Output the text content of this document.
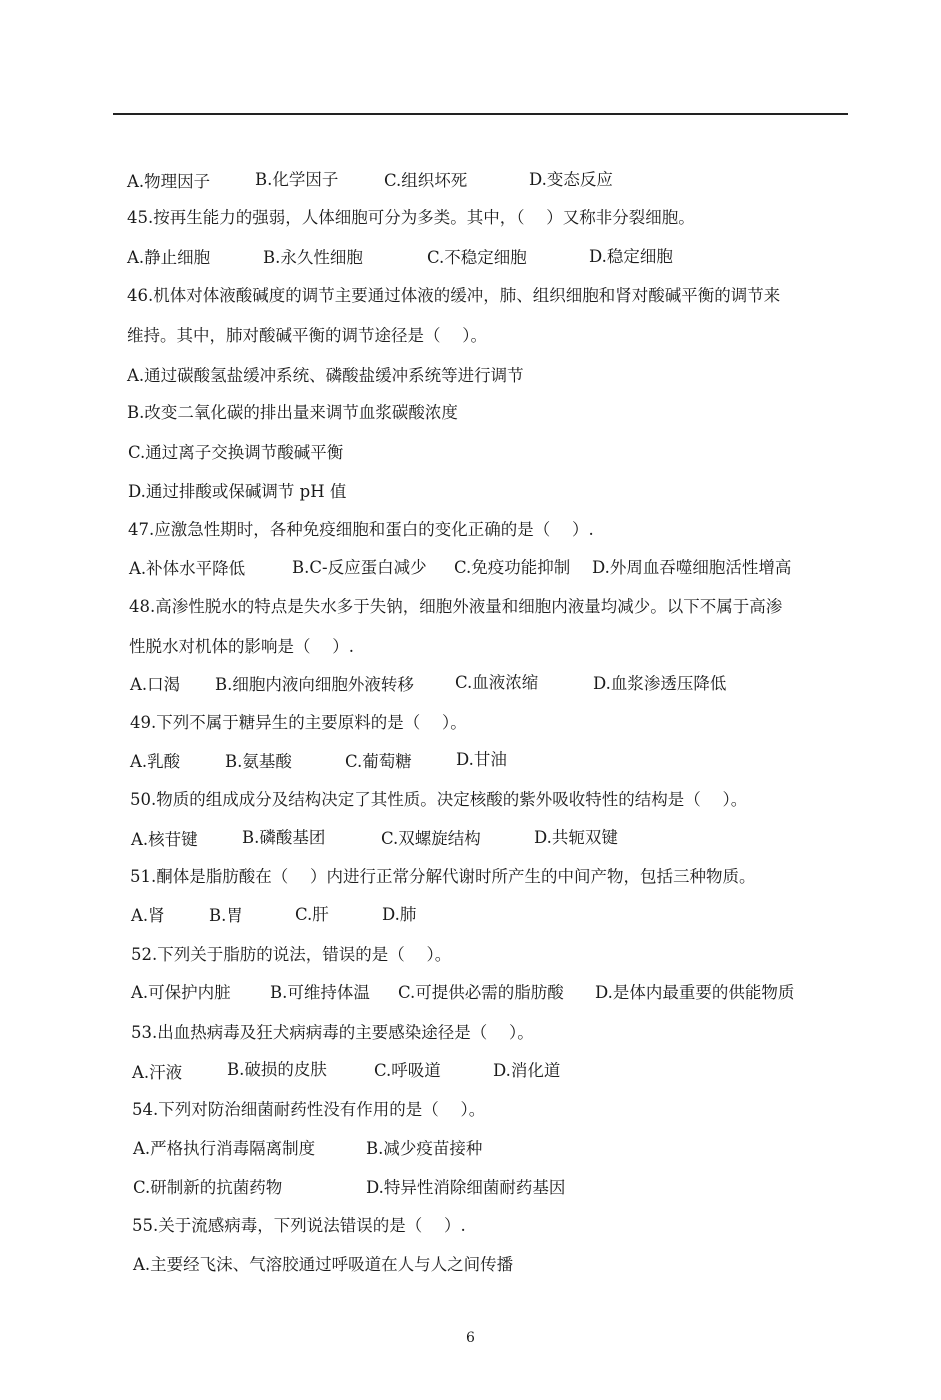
A.物理因子	B.化学因子	C.组织坏死	D.变态反应
45.按再生能力的强弱，人体细胞可分为多类。其中，（　 ）又称非分裂细胞。
A.静止细胞	B.永久性细胞	C.不稳定细胞	D.稳定细胞
46.机体对体液酸碱度的调节主要通过体液的缓冲，肺、组织细胞和肾对酸碱平衡的调节来
维持。其中，肺对酸碱平衡的调节途径是（　 ）。
A.通过碳酸氢盐缓冲系统、磷酸盐缓冲系统等进行调节
B.改变二氧化碳的排出量来调节血浆碳酸浓度
C.通过离子交换调节酸碱平衡
D.通过排酸或保碱调节 pH 值
47.应激急性期时，各种免疫细胞和蛋白的变化正确的是（　 ）.
A.补体水平降低	B.C-反应蛋白减少 C.免疫功能抑制 D.外周血吞噬细胞活性增高
48.高渗性脱水的特点是失水多于失钠，细胞外液量和细胞内液量均减少。以下不属于高渗
性脱水对机体的影响是（　 ）.
A.口渴 B.细胞内液向细胞外液转移 C.血液浓缩	D.血浆渗透压降低
49.下列不属于糖异生的主要原料的是（　 ）。
A.乳酸	B.氨基酸	C.葡萄糖	D.甘油
50.物质的组成成分及结构决定了其性质。决定核酸的紫外吸收特性的结构是（　 ）。
A.核苷键	B.磷酸基团	C.双螺旋结构	D.共轭双键
51.酮体是脂肪酸在（　 ）内进行正常分解代谢时所产生的中间产物，包括三种物质。
A.肾	B.胃	C.肝	D.肺
52.下列关于脂肪的说法，错误的是（　 ）。
A.可保护内脏 B.可维持体温 C.可提供必需的脂肪酸 D.是体内最重要的供能物质
53.出血热病毒及狂犬病病毒的主要感染途径是（　 ）。
A.汗液	B.破损的皮肤	C.呼吸道	D.消化道
54.下列对防治细菌耐药性没有作用的是（　 ）。
A.严格执行消毒隔离制度	B.减少疫苗接种
C.研制新的抗菌药物	D.特异性消除细菌耐药基因
55.关于流感病毒，下列说法错误的是（　 ）.
A.主要经飞沫、气溶胶通过呼吸道在人与人之间传播
6
